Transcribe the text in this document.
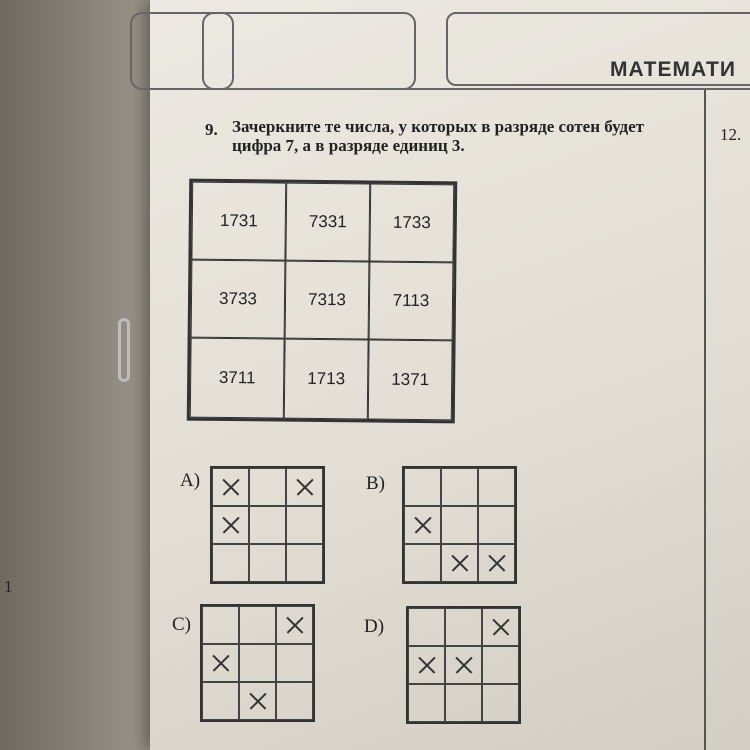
1
МАТЕМАТИ
12.
9. Зачеркните те числа, у которых в разряде сотен будет цифра 7, а в разряде единиц 3.
1731	7331	1733
3733	7313	7113
3711	1713	1371
A)	B)
C)	D)
